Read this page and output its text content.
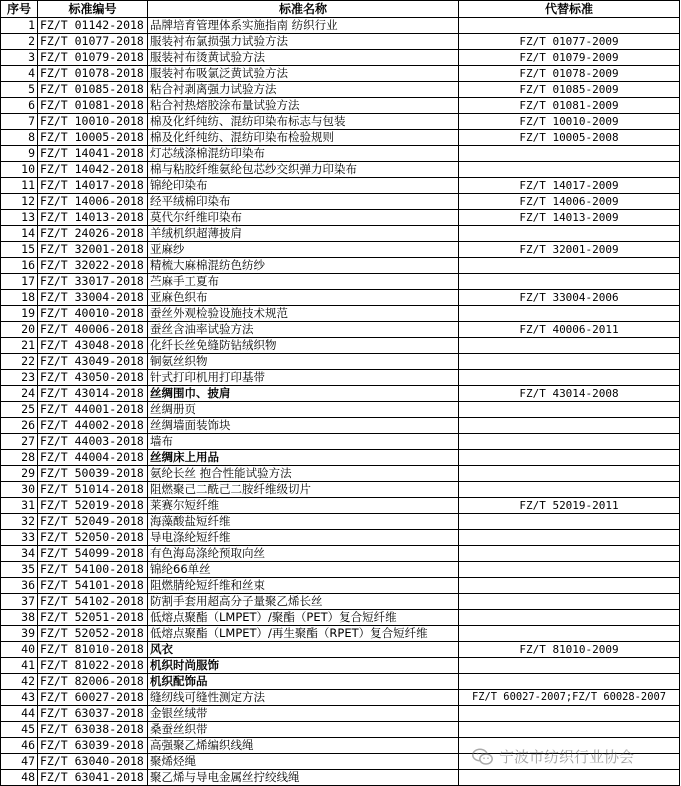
序号	标准编号	标准名称	代替标准
1	FZ/T 01142-2018	品牌培育管理体系实施指南 纺织行业	
2	FZ/T 01077-2018	服装衬布氯损强力试验方法	FZ/T 01077-2009
3	FZ/T 01079-2018	服装衬布烫黄试验方法	FZ/T 01079-2009
4	FZ/T 01078-2018	服装衬布吸氯泛黄试验方法	FZ/T 01078-2009
5	FZ/T 01085-2018	粘合衬剥离强力试验方法	FZ/T 01085-2009
6	FZ/T 01081-2018	粘合衬热熔胶涂布量试验方法	FZ/T 01081-2009
7	FZ/T 10010-2018	棉及化纤纯纺、混纺印染布标志与包装	FZ/T 10010-2009
8	FZ/T 10005-2018	棉及化纤纯纺、混纺印染布检验规则	FZ/T 10005-2008
9	FZ/T 14041-2018	灯芯绒涤棉混纺印染布	
10	FZ/T 14042-2018	棉与粘胶纤维氨纶包芯纱交织弹力印染布	
11	FZ/T 14017-2018	锦纶印染布	FZ/T 14017-2009
12	FZ/T 14006-2018	经平绒棉印染布	FZ/T 14006-2009
13	FZ/T 14013-2018	莫代尔纤维印染布	FZ/T 14013-2009
14	FZ/T 24026-2018	羊绒机织超薄披肩	
15	FZ/T 32001-2018	亚麻纱	FZ/T 32001-2009
16	FZ/T 32022-2018	精梳大麻棉混纺色纺纱	
17	FZ/T 33017-2018	苎麻手工夏布	
18	FZ/T 33004-2018	亚麻色织布	FZ/T 33004-2006
19	FZ/T 40010-2018	蚕丝外观检验设施技术规范	
20	FZ/T 40006-2018	蚕丝含油率试验方法	FZ/T 40006-2011
21	FZ/T 43048-2018	化纤长丝免缝防钻绒织物	
22	FZ/T 43049-2018	铜氨丝织物	
23	FZ/T 43050-2018	针式打印机用打印基带	
24	FZ/T 43014-2018	丝绸围巾、披肩	FZ/T 43014-2008
25	FZ/T 44001-2018	丝绸册页	
26	FZ/T 44002-2018	丝绸墙面装饰块	
27	FZ/T 44003-2018	墙布	
28	FZ/T 44004-2018	丝绸床上用品	
29	FZ/T 50039-2018	氨纶长丝 抱合性能试验方法	
30	FZ/T 51014-2018	阻燃聚己二酰己二胺纤维级切片	
31	FZ/T 52019-2018	莱赛尔短纤维	FZ/T 52019-2011
32	FZ/T 52049-2018	海藻酸盐短纤维	
33	FZ/T 52050-2018	导电涤纶短纤维	
34	FZ/T 54099-2018	有色海岛涤纶预取向丝	
35	FZ/T 54100-2018	锦纶66单丝	
36	FZ/T 54101-2018	阻燃腈纶短纤维和丝束	
37	FZ/T 54102-2018	防割手套用超高分子量聚乙烯长丝	
38	FZ/T 52051-2018	低熔点聚酯（LMPET）/聚酯（PET）复合短纤维	
39	FZ/T 52052-2018	低熔点聚酯（LMPET）/再生聚酯（RPET）复合短纤维	
40	FZ/T 81010-2018	风衣	FZ/T 81010-2009
41	FZ/T 81022-2018	机织时尚服饰	
42	FZ/T 82006-2018	机织配饰品	
43	FZ/T 60027-2018	缝纫线可缝性测定方法	FZ/T 60027-2007;FZ/T 60028-2007
44	FZ/T 63037-2018	金银丝绒带	
45	FZ/T 63038-2018	桑蚕丝织带	
46	FZ/T 63039-2018	高强聚乙烯编织线绳	
47	FZ/T 63040-2018	聚烯烃绳	
48	FZ/T 63041-2018	聚乙烯与导电金属丝拧绞线绳	
宁波市纺织行业协会
